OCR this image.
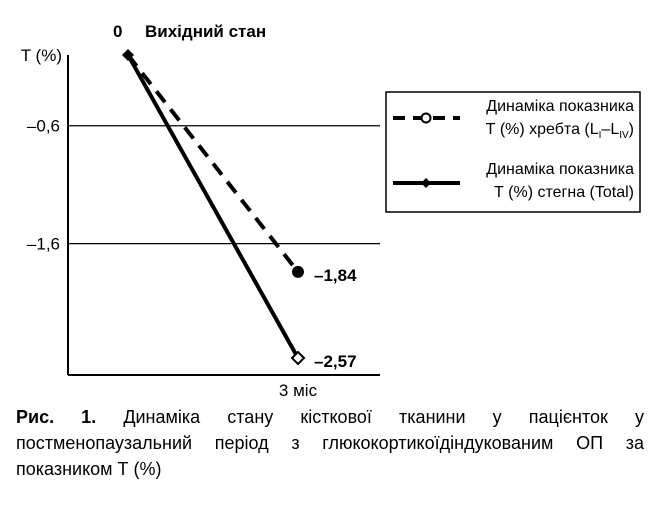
T (%)
–0,6
–1,6
0 Вихідний стан
3 міс
–1,84
–2,57
Динаміка показника
Т (%) хребта $(L_I-L_{IV})$
Динаміка показника
Т (%) стегна (Total)
Рис. 1. Динаміка стану кісткової тканини у пацієнток у постменопаузальний період з глюкокортикоїдіндукованим ОП за показником Т (%)
